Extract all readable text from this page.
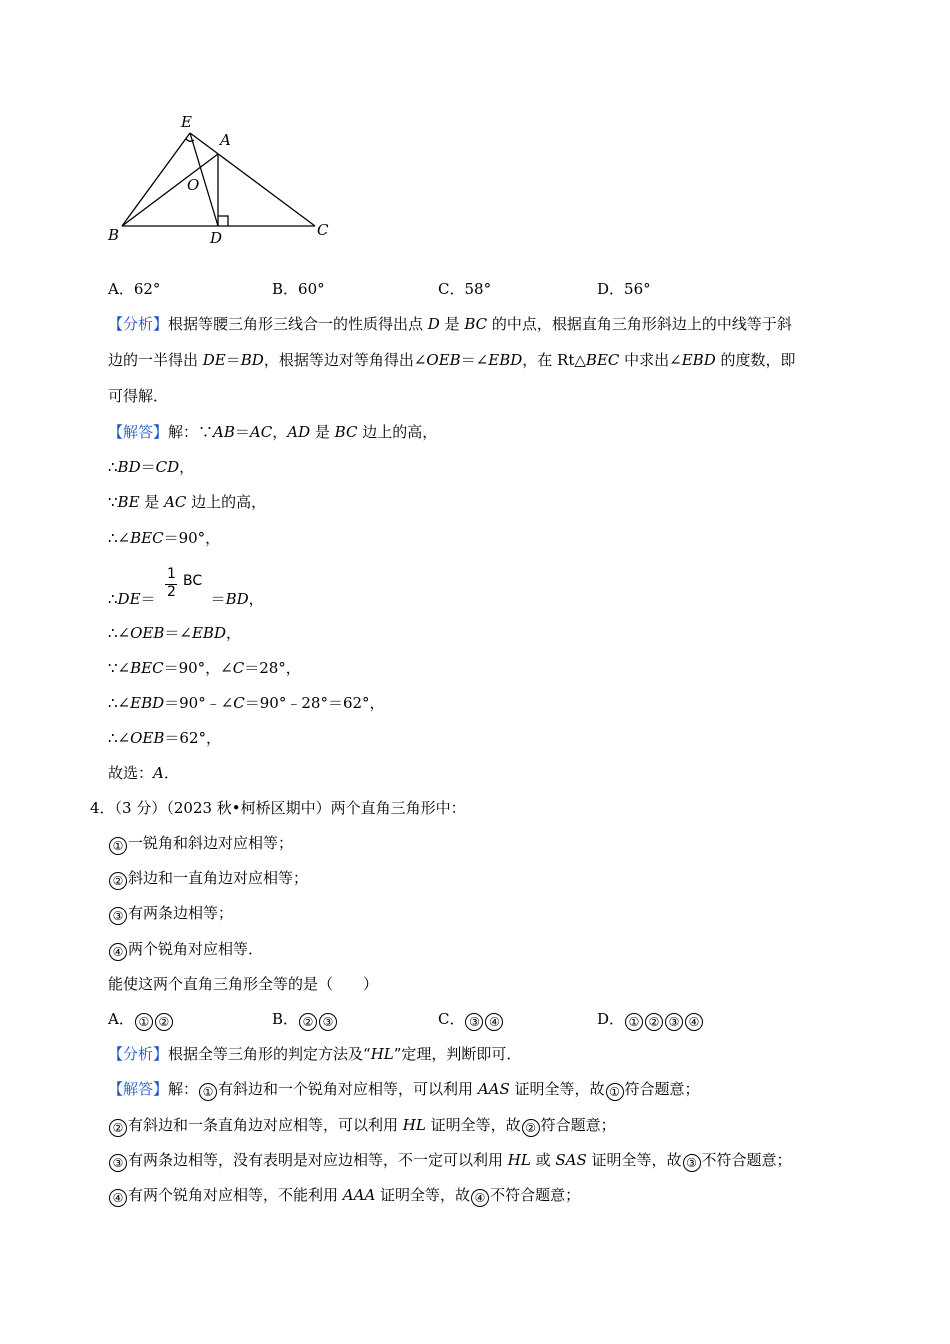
E
A
O
B	D	C
A．62°	B．60°	C．58°	D．56°
【分析】根据等腰三角形三线合一的性质得出点 D 是 BC 的中点，根据直角三角形斜边上的中线等于斜
边的一半得出 DE＝BD，根据等边对等角得出∠OEB＝∠EBD，在 Rt△BEC 中求出∠EBD 的度数，即
可得解．
【解答】解：∵AB＝AC，AD 是 BC 边上的高，
∴BD＝CD，
∵BE 是 AC 边上的高，
∴∠BEC＝90°，
∴DE＝	＝BD，
1
2
BC
∴∠OEB＝∠EBD，
∵∠BEC＝90°，∠C＝28°，
∴∠EBD＝90°﹣∠C＝90°﹣28°＝62°，
∴∠OEB＝62°，
故选：A．
4．（3 分）（2023 秋•柯桥区期中）两个直角三角形中：
① 一锐角和斜边对应相等；
② 斜边和一直角边对应相等；
③ 有两条边相等；
④ 两个锐角对应相等．
能使这两个直角三角形全等的是（　　）
A． ① ②	B． ② ③	C． ③ ④	D． ① ② ③ ④
【分析】根据全等三角形的判定方法及“HL”定理，判断即可．
【解答】解： ① 有斜边和一个锐角对应相等，可以利用 AAS 证明全等，故 ① 符合题意；
② 有斜边和一条直角边对应相等，可以利用 HL 证明全等，故 ② 符合题意；
③ 有两条边相等，没有表明是对应边相等，不一定可以利用 HL 或 SAS 证明全等，故 ③ 不符合题意；
④ 有两个锐角对应相等，不能利用 AAA 证明全等，故 ④ 不符合题意；
